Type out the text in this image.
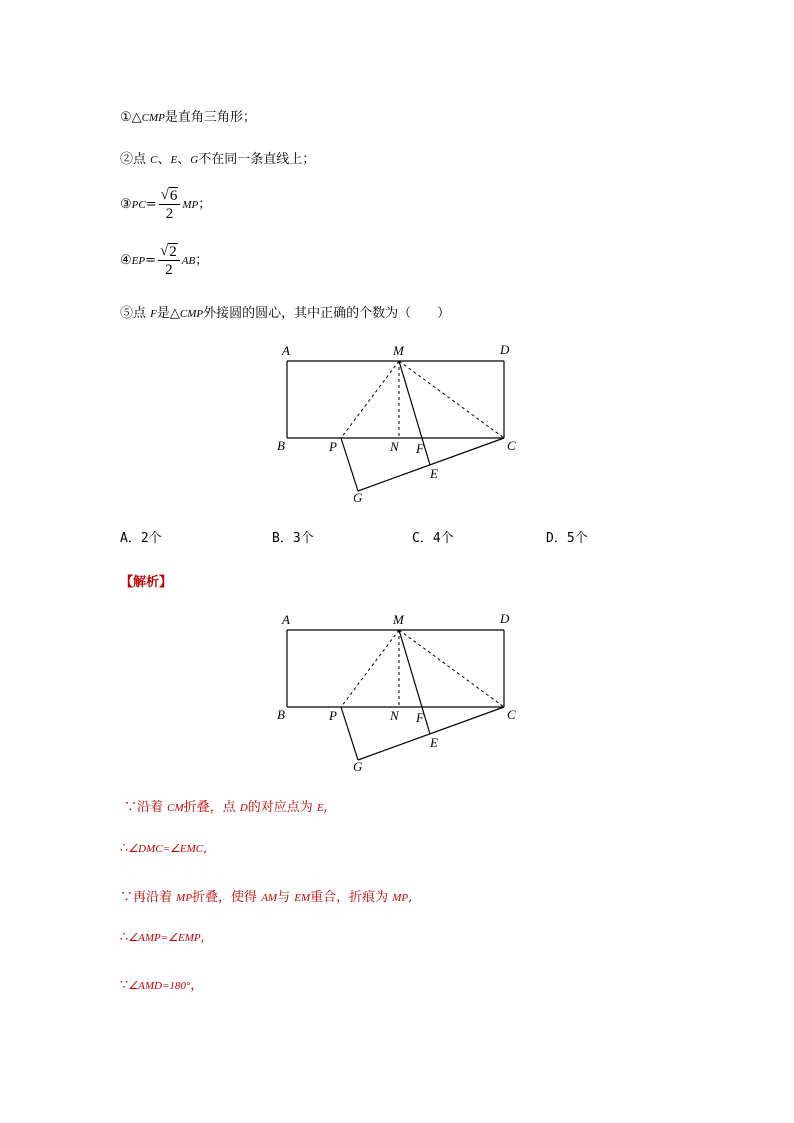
①△CMP是直角三角形；
②点 C、E、G不在同一条直线上；
③PC= $\frac{√ 6}{2}$ MP；
④EP= $\frac{√ 2}{2}$ AB；
⑤点 F是△CMP外接圆的圆心，其中正确的个数为（　　）
A	M	D
B	P	N F	C
E
G
A．2个	B．3个	C．4个	D．5个
【解析】
A	M	D
B	P	N F	C
E
G
∵沿着 CM折叠，点 D的对应点为 E,
∴∠DMC=∠EMC,
∵再沿着 MP折叠，使得 AM与 EM重合，折痕为 MP,
∴∠AMP=∠EMP,
∵∠AMD=180°，
